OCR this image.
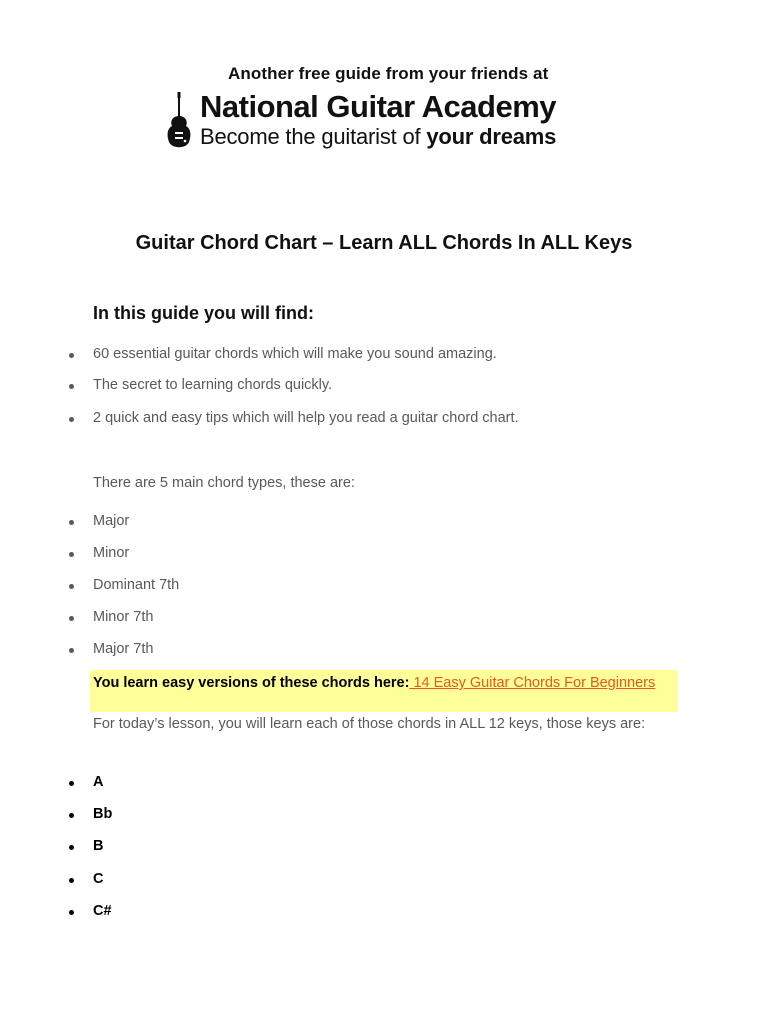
Another free guide from your friends at
National Guitar Academy
Become the guitarist of your dreams
Guitar Chord Chart – Learn ALL Chords In ALL Keys
In this guide you will find:
60 essential guitar chords which will make you sound amazing.
The secret to learning chords quickly.
2 quick and easy tips which will help you read a guitar chord chart.
There are 5 main chord types, these are:
Major
Minor
Dominant 7th
Minor 7th
Major 7th
You learn easy versions of these chords here: 14 Easy Guitar Chords For Beginners
For today’s lesson, you will learn each of those chords in ALL 12 keys, those keys are:
A
Bb
B
C
C#
